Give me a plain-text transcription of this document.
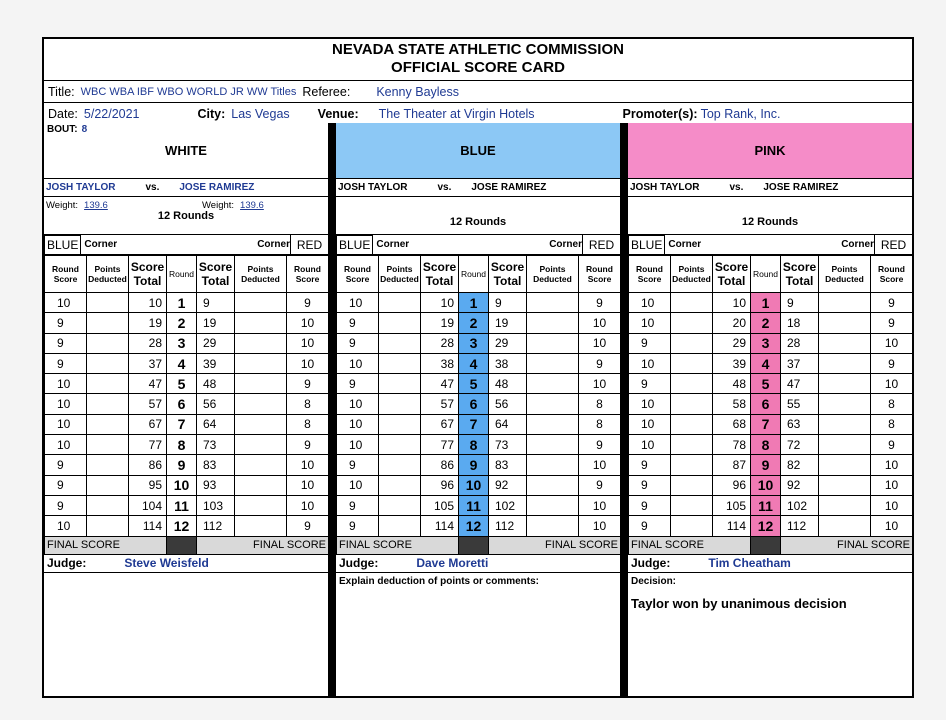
NEVADA STATE ATHLETIC COMMISSION
OFFICIAL SCORE CARD
Title: WBC WBA IBF WBO WORLD JR WW Titles Referee: Kenny Bayless
Date: 5/22/2021	City: Las Vegas Venue: The Theater at Virgin Hotels	Promoter(s): Top Rank, Inc.
BOUT: 8
WHITE
JOSH TAYLOR	vs. JOSE RAMIREZ
Weight: 139.6	Weight: 139.6
12 Rounds
BLUE Corner	Corner RED
Round Score	Points Deducted	Score
Total	Round	Score
Total	Points Deducted	Round Score
10		10	1	9		9
9		19	2	19		10
9		28	3	29		10
9		37	4	39		10
10		47	5	48		9
10		57	6	56		8
10		67	7	64		8
10		77	8	73		9
9		86	9	83		10
9		95	10	93		10
9		104	11	103		10
10		114	12	112		9
FINAL SCORE				FINAL SCORE		
Judge:	Steve Weisfeld
BLUE
JOSH TAYLOR	vs. JOSE RAMIREZ
12 Rounds
BLUE Corner	Corner RED
Round Score	Points Deducted	Score
Total	Round	Score
Total	Points Deducted	Round Score
10		10	1	9		9
9		19	2	19		10
9		28	3	29		10
10		38	4	38		9
9		47	5	48		10
10		57	6	56		8
10		67	7	64		8
10		77	8	73		9
9		86	9	83		10
10		96	10	92		9
9		105	11	102		10
9		114	12	112		10
FINAL SCORE				FINAL SCORE		
Judge:	Dave Moretti
Explain deduction of points or comments:
PINK
JOSH TAYLOR	vs. JOSE RAMIREZ
12 Rounds
BLUE Corner	Corner RED
Round Score	Points Deducted	Score
Total	Round	Score
Total	Points Deducted	Round Score
10		10	1	9		9
10		20	2	18		9
9		29	3	28		10
10		39	4	37		9
9		48	5	47		10
10		58	6	55		8
10		68	7	63		8
10		78	8	72		9
9		87	9	82		10
9		96	10	92		10
9		105	11	102		10
9		114	12	112		10
FINAL SCORE				FINAL SCORE		
Judge:	Tim Cheatham
Decision:
Taylor won by unanimous decision
